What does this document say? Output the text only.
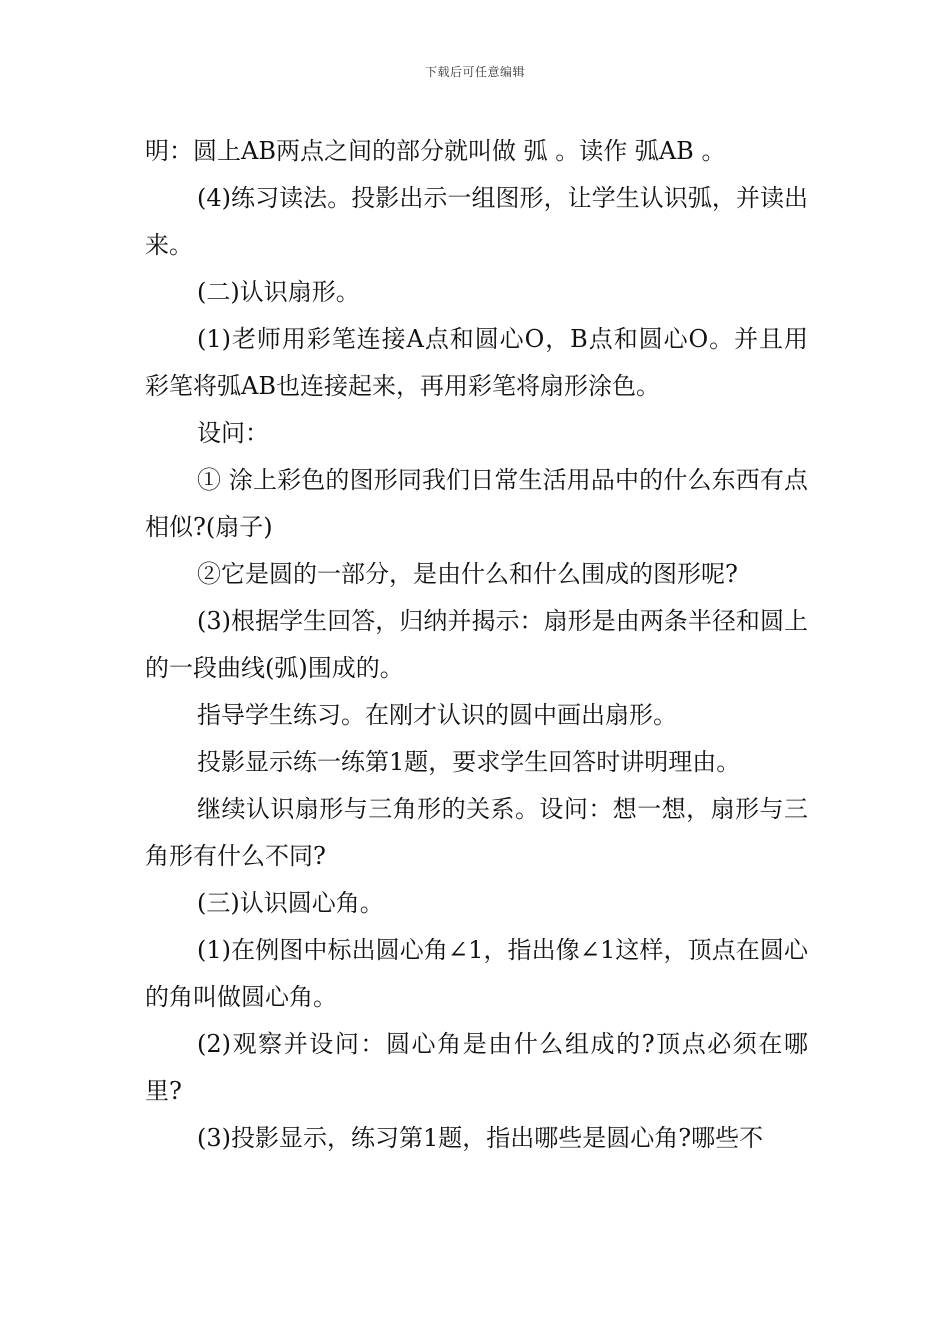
下载后可任意编辑

明：圆上AB两点之间的部分就叫做 弧 。读作 弧AB 。

(4)练习读法。投影出示一组图形，让学生认识弧，并读出来。

(二)认识扇形。

(1)老师用彩笔连接A点和圆心O，B点和圆心O。并且用彩笔将弧AB也连接起来，再用彩笔将扇形涂色。

设问：

① 涂上彩色的图形同我们日常生活用品中的什么东西有点相似?(扇子)

②它是圆的一部分，是由什么和什么围成的图形呢?

(3)根据学生回答，归纳并揭示：扇形是由两条半径和圆上的一段曲线(弧)围成的。

指导学生练习。在刚才认识的圆中画出扇形。

投影显示练一练第1题，要求学生回答时讲明理由。

继续认识扇形与三角形的关系。设问：想一想，扇形与三角形有什么不同?

(三)认识圆心角。

(1)在例图中标出圆心角∠1，指出像∠1这样，顶点在圆心的角叫做圆心角。

(2)观察并设问：圆心角是由什么组成的?顶点必须在哪里?

(3)投影显示，练习第1题，指出哪些是圆心角?哪些不
